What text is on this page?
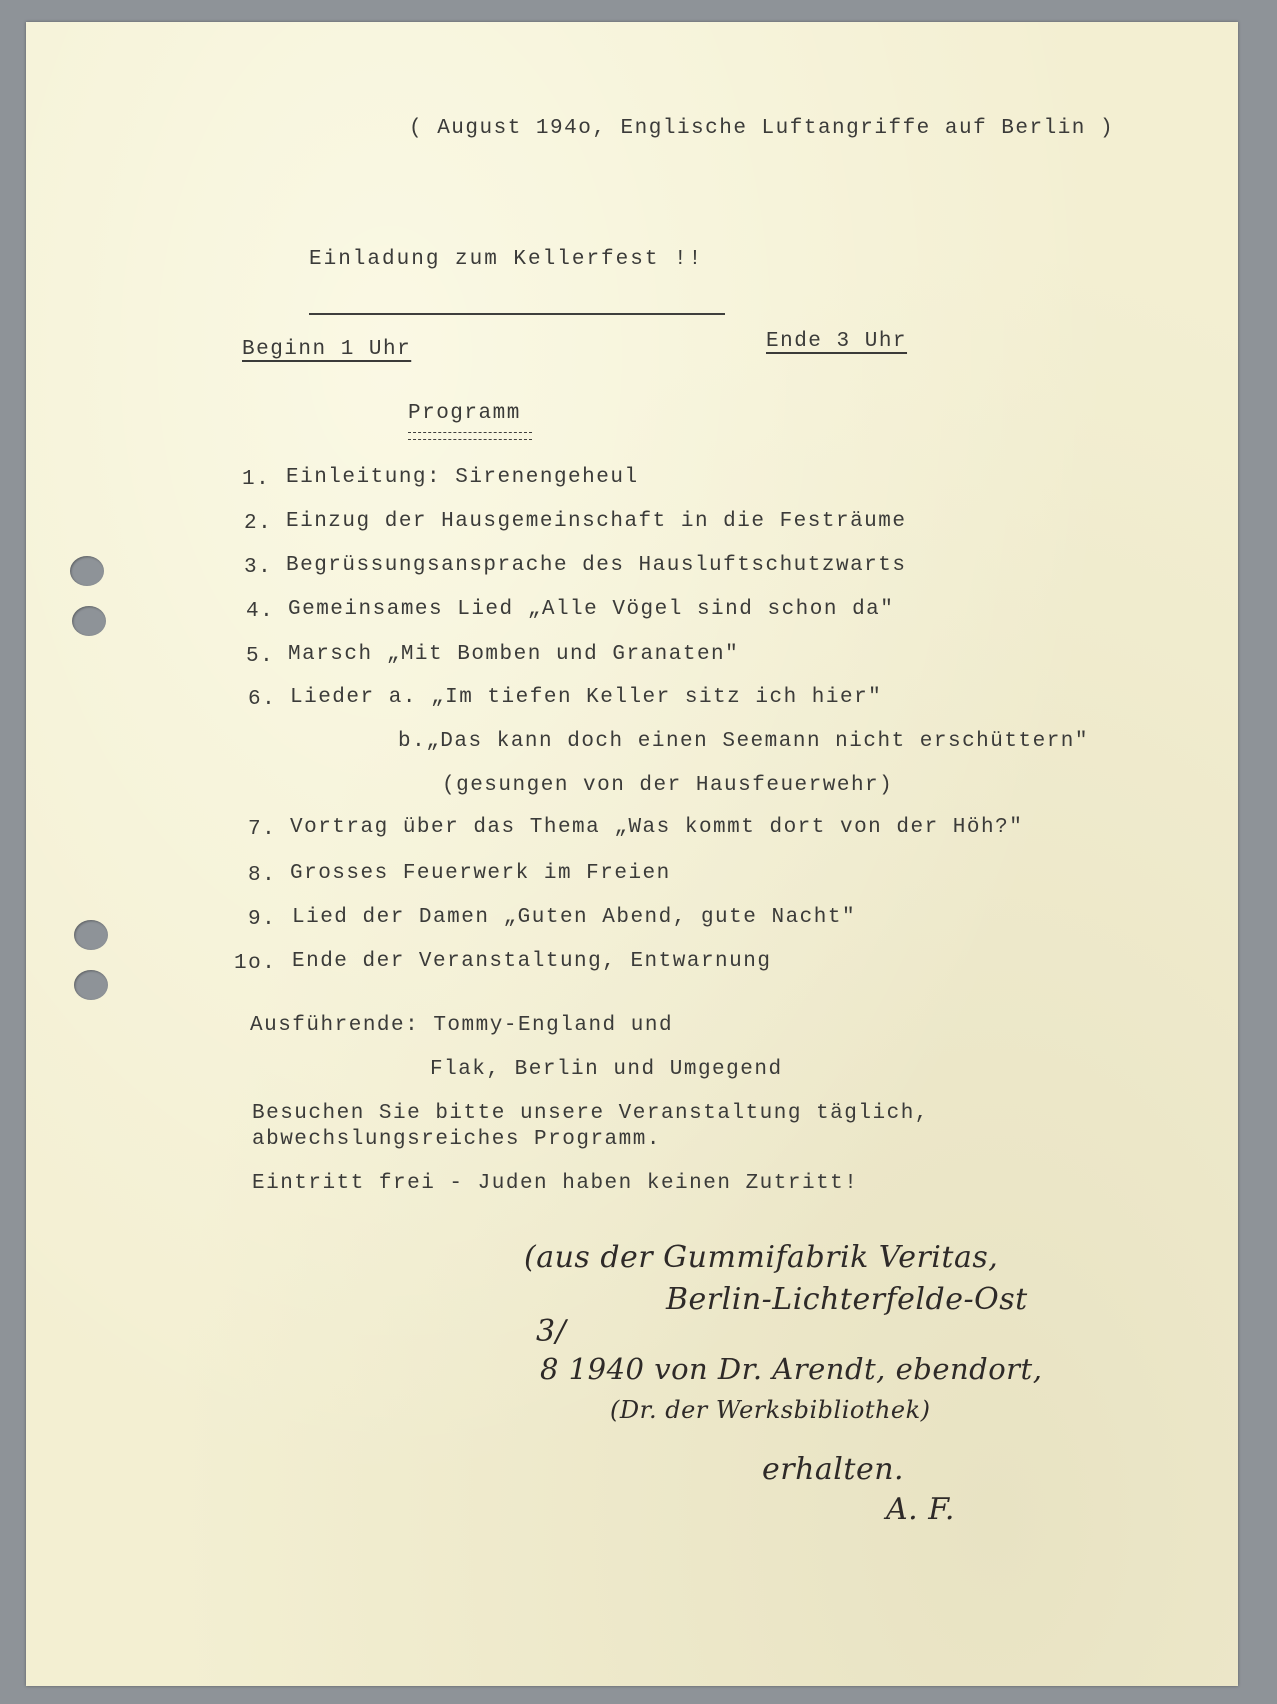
( August 194o, Englische Luftangriffe auf Berlin )
Einladung zum Kellerfest !!
Beginn 1 Uhr	Ende 3 Uhr
Programm
1. Einleitung: Sirenengeheul
2. Einzug der Hausgemeinschaft in die Festräume
3. Begrüssungsansprache des Hausluftschutzwarts
4. Gemeinsames Lied „Alle Vögel sind schon da"
5. Marsch „Mit Bomben und Granaten"
6. Lieder a. „Im tiefen Keller sitz ich hier"
b.„Das kann doch einen Seemann nicht erschüttern"
(gesungen von der Hausfeuerwehr)
7. Vortrag über das Thema „Was kommt dort von der Höh?"
8. Grosses Feuerwerk im Freien
9. Lied der Damen „Guten Abend, gute Nacht"
1o. Ende der Veranstaltung, Entwarnung
Ausführende: Tommy-England und
Flak, Berlin und Umgegend
Besuchen Sie bitte unsere Veranstaltung täglich,
abwechslungsreiches Programm.
Eintritt frei - Juden haben keinen Zutritt!
(aus der Gummifabrik Veritas,
Berlin-Lichterfelde-Ost
3/
8 1940 von Dr. Arendt, ebendort,
(Dr. der Werksbibliothek)
erhalten.
A. F.
